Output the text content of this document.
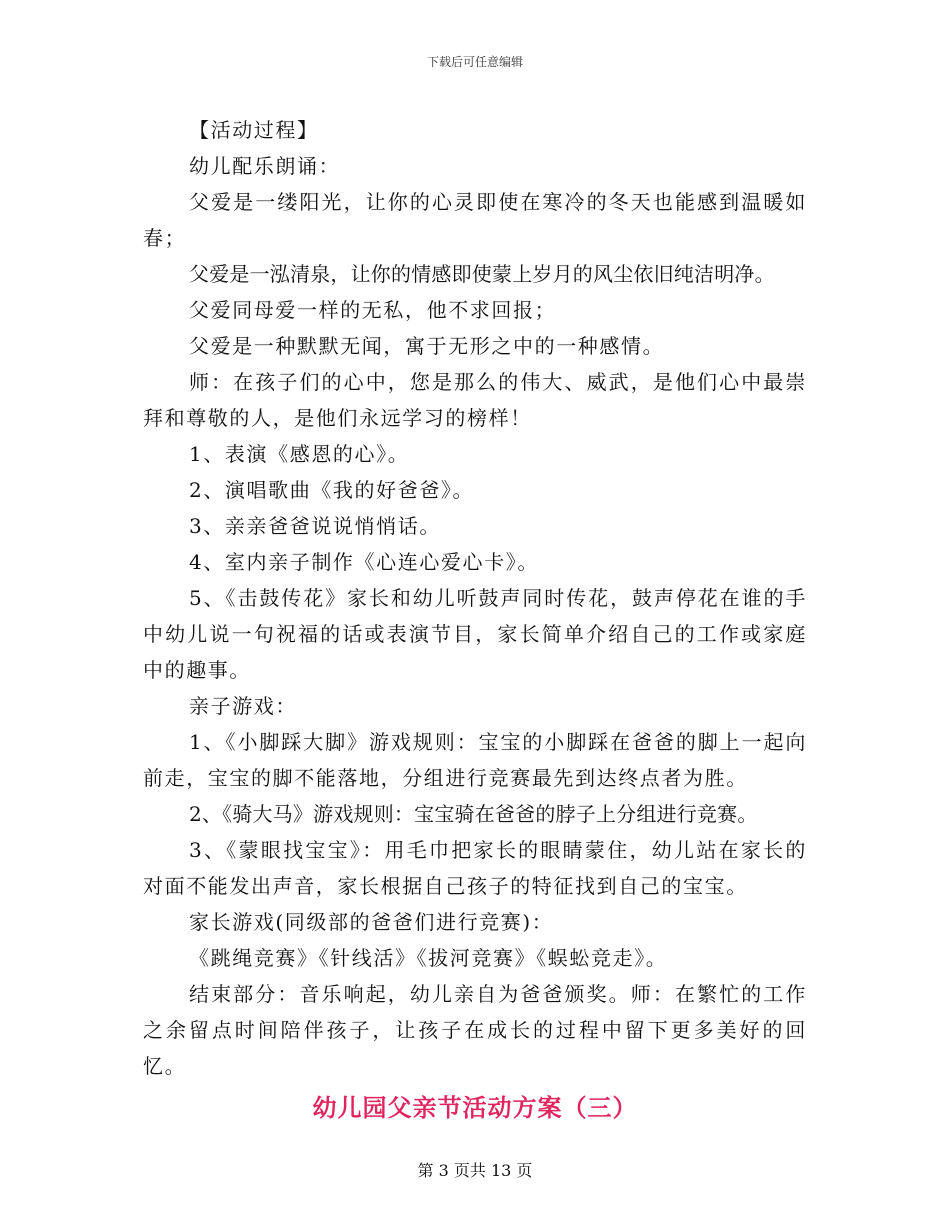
下载后可任意编辑

【活动过程】

幼儿配乐朗诵：

父爱是一缕阳光，让你的心灵即使在寒冷的冬天也能感到温暖如春；

父爱是一泓清泉，让你的情感即使蒙上岁月的风尘依旧纯洁明净。

父爱同母爱一样的无私，他不求回报；

父爱是一种默默无闻，寓于无形之中的一种感情。

师：在孩子们的心中，您是那么的伟大、威武，是他们心中最崇拜和尊敬的人，是他们永远学习的榜样！

1、表演《感恩的心》。

2、演唱歌曲《我的好爸爸》。

3、亲亲爸爸说说悄悄话。

4、室内亲子制作《心连心爱心卡》。

5、《击鼓传花》家长和幼儿听鼓声同时传花，鼓声停花在谁的手中幼儿说一句祝福的话或表演节目，家长简单介绍自己的工作或家庭中的趣事。

亲子游戏：

1、《小脚踩大脚》游戏规则：宝宝的小脚踩在爸爸的脚上一起向前走，宝宝的脚不能落地，分组进行竞赛最先到达终点者为胜。

2、《骑大马》游戏规则：宝宝骑在爸爸的脖子上分组进行竞赛。

3、《蒙眼找宝宝》：用毛巾把家长的眼睛蒙住，幼儿站在家长的对面不能发出声音，家长根据自己孩子的特征找到自己的宝宝。

家长游戏(同级部的爸爸们进行竞赛)：

《跳绳竞赛》《针线活》《拔河竞赛》《蜈蚣竞走》。

结束部分：音乐响起，幼儿亲自为爸爸颁奖。师：在繁忙的工作之余留点时间陪伴孩子，让孩子在成长的过程中留下更多美好的回忆。

幼儿园父亲节活动方案（三）
第 3 页共 13 页
